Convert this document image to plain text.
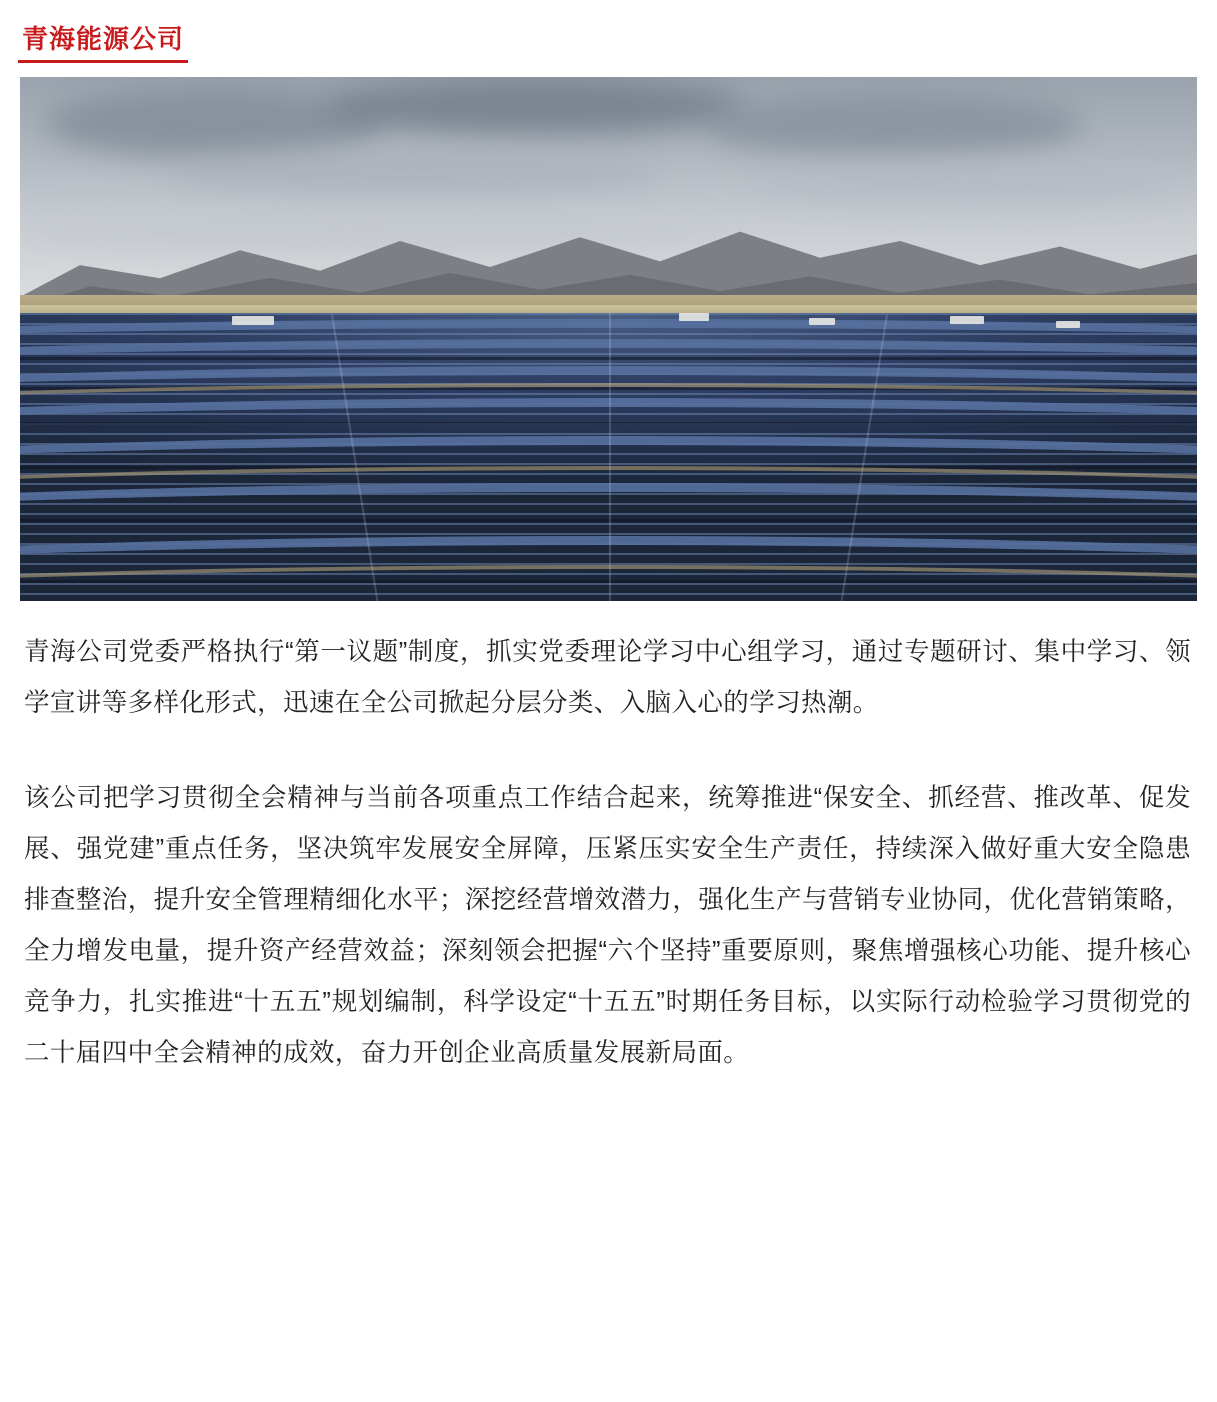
青海能源公司

青海公司党委严格执行“第一议题”制度，抓实党委理论学习中心组学习，通过专题研讨、集中学习、领学宣讲等多样化形式，迅速在全公司掀起分层分类、入脑入心的学习热潮。

该公司把学习贯彻全会精神与当前各项重点工作结合起来，统筹推进“保安全、抓经营、推改革、促发展、强党建”重点任务，坚决筑牢发展安全屏障，压紧压实安全生产责任，持续深入做好重大安全隐患排查整治，提升安全管理精细化水平；深挖经营增效潜力，强化生产与营销专业协同，优化营销策略，全力增发电量，提升资产经营效益；深刻领会把握“六个坚持”重要原则，聚焦增强核心功能、提升核心竞争力，扎实推进“十五五”规划编制，科学设定“十五五”时期任务目标，以实际行动检验学习贯彻党的二十届四中全会精神的成效，奋力开创企业高质量发展新局面。
